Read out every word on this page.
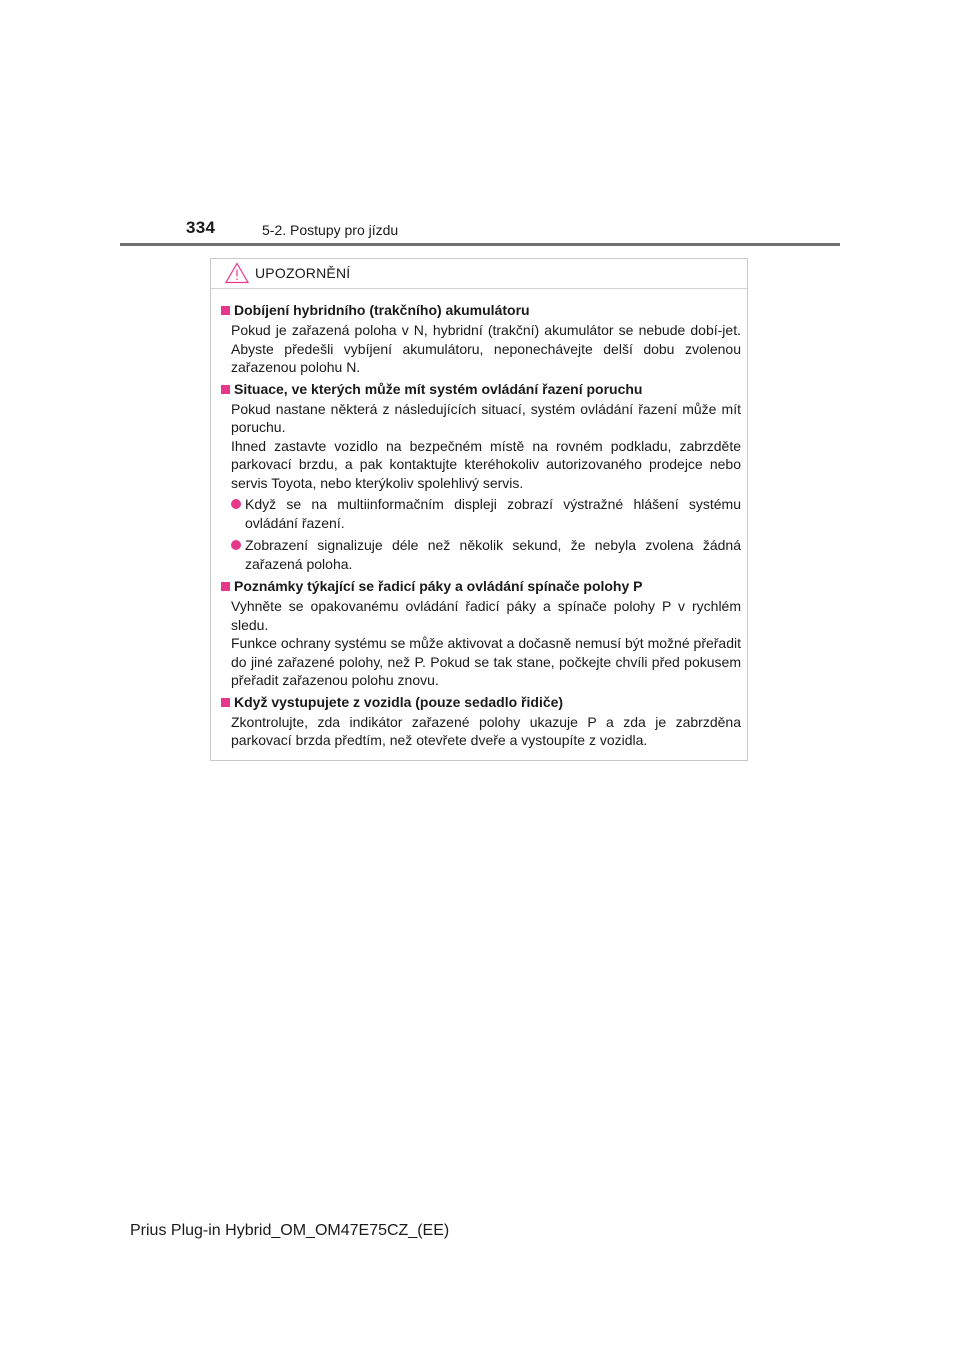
334	5-2. Postupy pro jízdu
UPOZORNĚNÍ
Dobíjení hybridního (trakčního) akumulátoru

Pokud je zařazená poloha v N, hybridní (trakční) akumulátor se nebude dobí-jet. Abyste předešli vybíjení akumulátoru, neponechávejte delší dobu zvolenou zařazenou polohu N.

Situace, ve kterých může mít systém ovládání řazení poruchu

Pokud nastane některá z následujících situací, systém ovládání řazení může mít poruchu.
Ihned zastavte vozidlo na bezpečném místě na rovném podkladu, zabrzděte parkovací brzdu, a pak kontaktujte kteréhokoliv autorizovaného prodejce nebo servis Toyota, nebo kterýkoliv spolehlivý servis.

Když se na multiinformačním displeji zobrazí výstražné hlášení systému ovládání řazení.
Zobrazení signalizuje déle než několik sekund, že nebyla zvolena žádná zařazená poloha.
Poznámky týkající se řadicí páky a ovládání spínače polohy P

Vyhněte se opakovanému ovládání řadicí páky a spínače polohy P v rychlém sledu.
Funkce ochrany systému se může aktivovat a dočasně nemusí být možné přeřadit do jiné zařazené polohy, než P. Pokud se tak stane, počkejte chvíli před pokusem přeřadit zařazenou polohu znovu.

Když vystupujete z vozidla (pouze sedadlo řidiče)

Zkontrolujte, zda indikátor zařazené polohy ukazuje P a zda je zabrzděna parkovací brzda předtím, než otevřete dveře a vystoupíte z vozidla.

Prius Plug-in Hybrid_OM_OM47E75CZ_(EE)
